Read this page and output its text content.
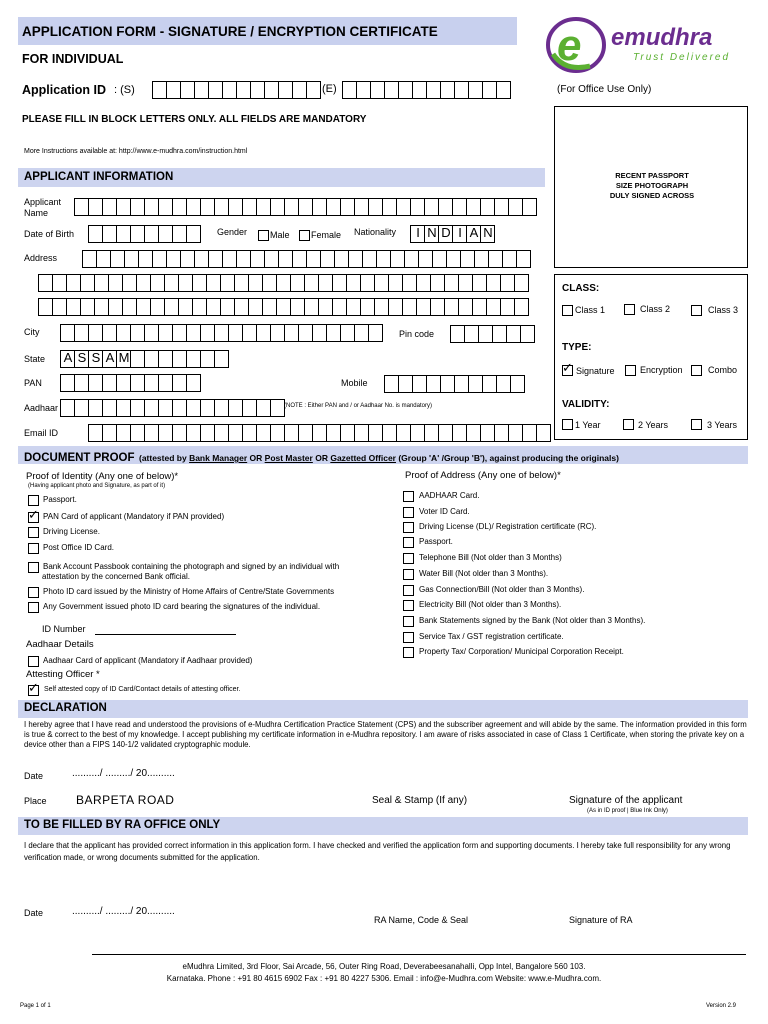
APPLICATION FORM - SIGNATURE / ENCRYPTION CERTIFICATE
FOR INDIVIDUAL	e emudhra
Trust Delivered
Application ID : (S)	(E)	(For Office Use Only)
PLEASE FILL IN BLOCK LETTERS ONLY. ALL FIELDS ARE MANDATORY
More Instructions available at: http://www.e-mudhra.com/instruction.html
RECENT PASSPORT
SIZE PHOTOGRAPH
DULY SIGNED ACROSS
APPLICANT INFORMATION
Applicant
Name
Date of Birth	Gender	Male Female Nationality	I N D I A N
Address
City	Pin code
State A S S A M
PAN	Mobile
Aadhaar	(NOTE : Either PAN and / or Aadhaar No. is mandatory)
Email ID
CLASS:
Class 1	Class 2	Class 3
TYPE:
✓ Signature	Encryption	Combo
VALIDITY:
1 Year	2 Years	3 Years
DOCUMENT PROOF (attested by Bank Manager OR Post Master OR Gazetted Officer (Group 'A' /Group 'B'), against producing the originals)
Proof of Identity (Any one of below)*
(Having applicant photo and Signature, as part of it)
Passport.
✓ PAN Card of applicant (Mandatory if PAN provided)
Driving License.
Post Office ID Card.
Bank Account Passbook containing the photograph and signed by an individual with
Photo ID card issued by the Ministry of Home Affairs of Centre/State Governments
Any Government issued photo ID card bearing the signatures of the individual.
attestation by the concerned Bank official.
ID Number
Aadhaar Details
Aadhaar Card of applicant (Mandatory if Aadhaar provided)
Attesting Officer *
✓ Self attested copy of ID Card/Contact details of attesting officer.
Proof of Address (Any one of below)*
AADHAAR Card.
Voter ID Card.
Driving License (DL)/ Registration certificate (RC).
Passport.
Telephone Bill (Not older than 3 Months)
Water Bill (Not older than 3 Months).
Gas Connection/Bill (Not older than 3 Months).
Electricity Bill (Not older than 3 Months).
Bank Statements signed by the Bank (Not older than 3 Months).
Service Tax / GST registration certificate.
Property Tax/ Corporation/ Municipal Corporation Receipt.
DECLARATION
I hereby agree that I have read and understood the provisions of e-Mudhra Certification Practice Statement (CPS) and the subscriber agreement and will abide by the same. The information provided in this form is true & correct to the best of my knowledge. I accept publishing my certificate information in e-Mudhra repository. I am aware of risks associated in case of Class 1 Certificate, when storing the private key on a device other than a FIPS 140-1/2 validated cryptographic module.
Date	........../ ........./ 20..........
Place BARPETA ROAD	Seal & Stamp (If any)	Signature of the applicant
(As in ID proof | Blue Ink Only)
TO BE FILLED BY RA OFFICE ONLY
I declare that the applicant has provided correct information in this application form. I have checked and verified the application form and supporting documents. I hereby take full responsibility for any wrong verification made, or wrong documents submitted for the application.
Date	........../ ........./ 20..........
RA Name, Code & Seal	Signature of RA
eMudhra Limited, 3rd Floor, Sai Arcade, 56, Outer Ring Road, Deverabeesanahalli, Opp Intel, Bangalore 560 103.
Karnataka. Phone : +91 80 4615 6902 Fax : +91 80 4227 5306. Email : info@e-Mudhra.com Website: www.e-Mudhra.com.
Page 1 of 1	Version 2.9
